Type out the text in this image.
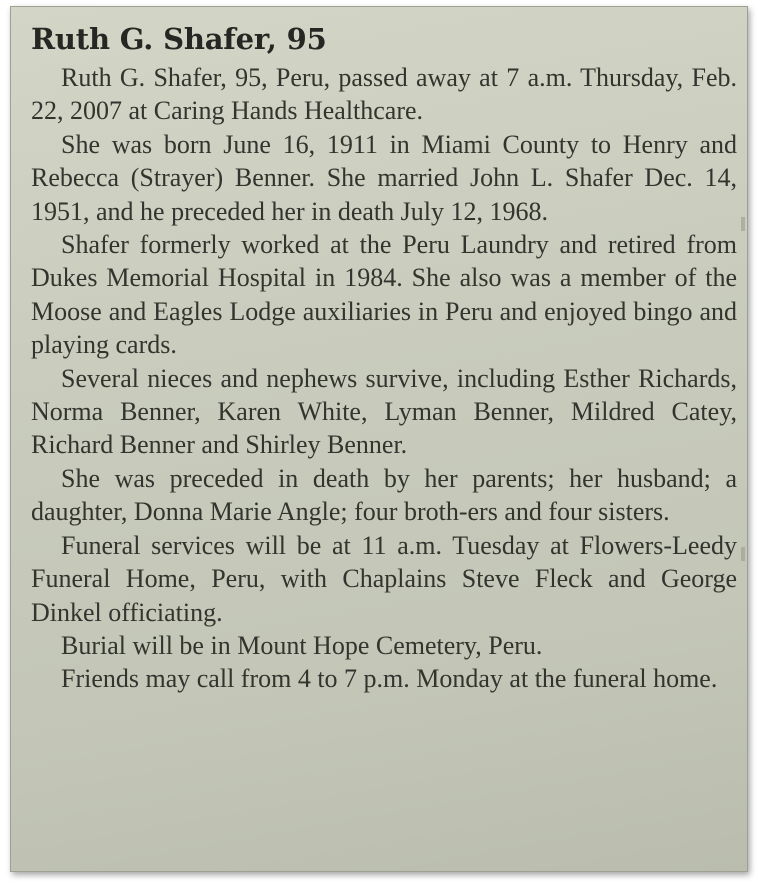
Ruth G. Shafer, 95

Ruth G. Shafer, 95, Peru, passed away at 7 a.m. Thursday, Feb. 22, 2007 at Caring Hands Healthcare.

She was born June 16, 1911 in Miami County to Henry and Rebecca (Strayer) Benner. She married John L. Shafer Dec. 14, 1951, and he preceded her in death July 12, 1968.

Shafer formerly worked at the Peru Laundry and retired from Dukes Memorial Hospital in 1984. She also was a member of the Moose and Eagles Lodge auxiliaries in Peru and enjoyed bingo and playing cards.

Several nieces and nephews survive, including Esther Richards, Norma Benner, Karen White, Lyman Benner, Mildred Catey, Richard Benner and Shirley Benner.

She was preceded in death by her parents; her husband; a daughter, Donna Marie Angle; four broth-ers and four sisters.

Funeral services will be at 11 a.m. Tuesday at Flowers-Leedy Funeral Home, Peru, with Chaplains Steve Fleck and George Dinkel officiating.

Burial will be in Mount Hope Cemetery, Peru.

Friends may call from 4 to 7 p.m. Monday at the funeral home.
